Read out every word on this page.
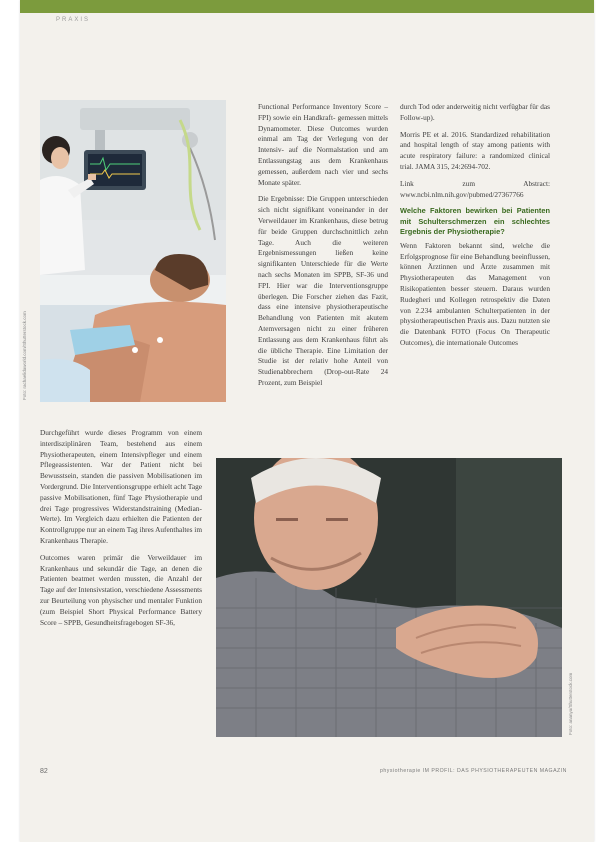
PRAXIS
Foto: rachaelidaworld.com/Shutterstock.com

Functional Performance Inventory Score – FPI) sowie ein Handkraft- gemessen mittels Dynamometer. Diese Outcomes wurden einmal am Tag der Verlegung von der Intensiv- auf die Normalstation und am Entlassungstag aus dem Krankenhaus gemessen, außerdem nach vier und sechs Monate später.

Die Ergebnisse: Die Gruppen unterschieden sich nicht signifikant voneinander in der Verweildauer im Krankenhaus, diese betrug für beide Gruppen durchschnittlich zehn Tage. Auch die weiteren Ergebnismessungen ließen keine signifikanten Unterschiede für die Werte nach sechs Monaten im SPPB, SF-36 und FPI. Hier war die Interventionsgruppe überlegen. Die Forscher ziehen das Fazit, dass eine intensive physiotherapeutische Behandlung von Patienten mit akutem Atemversagen nicht zu einer früheren Entlassung aus dem Krankenhaus führt als die übliche Therapie. Eine Limitation der Studie ist der relativ hohe Anteil von Studienabbrechern (Drop-out-Rate 24 Prozent, zum Beispiel

durch Tod oder anderweitig nicht verfügbar für das Follow-up).

Morris PE et al. 2016. Standardized rehabilitation and hospital length of stay among patients with acute respiratory failure: a randomized clinical trial. JAMA 315, 24:2694-702.

Link zum Abstract: www.ncbi.nlm.nih.gov/pubmed/27367766

Welche Faktoren bewirken bei Patienten mit Schulterschmerzen ein schlechtes Ergebnis der Physiotherapie?

Wenn Faktoren bekannt sind, welche die Erfolgsprognose für eine Behandlung beeinflussen, können Ärztinnen und Ärzte zusammen mit Physiotherapeuten das Management von Risikopatienten besser steuern. Daraus wurden Rudegheri und Kollegen retrospektiv die Daten von 2.234 ambulanten Schulterpatienten in der physiotherapeutischen Praxis aus. Dazu nutzten sie die Datenbank FOTO (Focus On Therapeutic Outcomes), die internationale Outcomes

Durchgeführt wurde dieses Programm von einem interdisziplinären Team, bestehend aus einem Physiotherapeuten, einem Intensivpfleger und einem Pflegeassistenten. War der Patient nicht bei Bewusstsein, standen die passiven Mobilisationen im Vordergrund. Die Interventionsgruppe erhielt acht Tage passive Mobilisationen, fünf Tage Physiotherapie und drei Tage progressives Widerstandstraining (Median-Werte). Im Vergleich dazu erhielten die Patienten der Kontrollgruppe nur an einem Tag ihres Aufenthaltes im Krankenhaus Therapie.

Outcomes waren primär die Verweildauer im Krankenhaus und sekundär die Tage, an denen die Patienten beatmet werden mussten, die Anzahl der Tage auf der Intensivstation, verschiedene Assessments zur Beurteilung von physischer und mentaler Funktion (zum Beispiel Short Physical Performance Battery Score – SPPB, Gesundheitsfragebogen SF-36,

Foto: ananya/Shutterstock.com
82	physiotherapie IM PROFIL: DAS PHYSIOTHERAPEUTEN MAGAZIN
